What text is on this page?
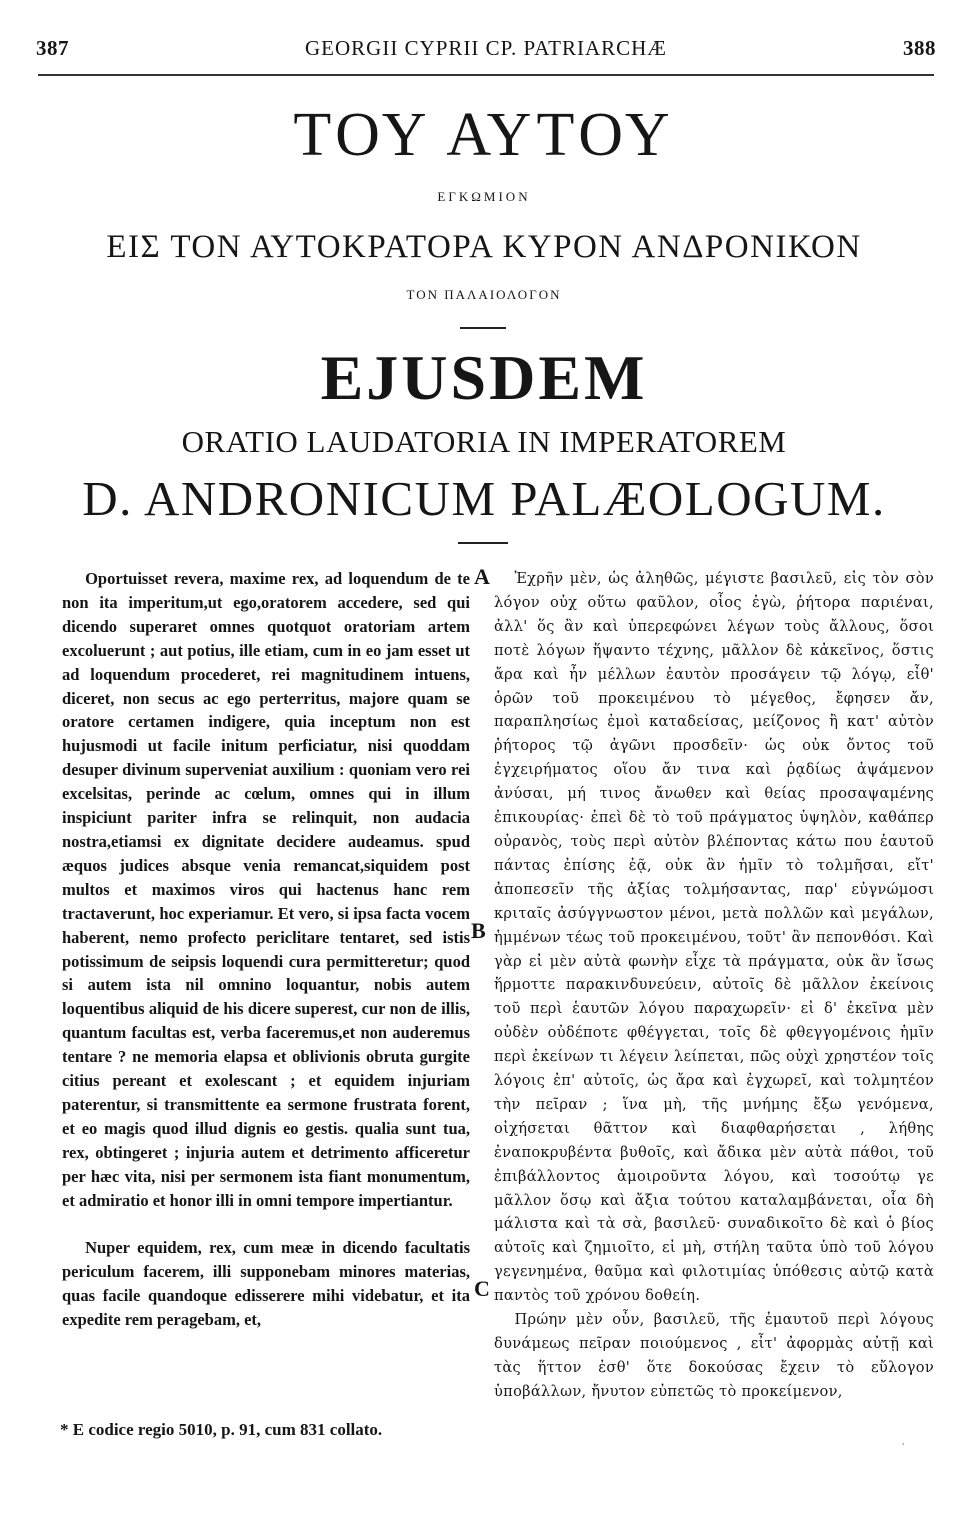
387	GEORGII CYPRII CP. PATRIARCHÆ	388
ΤΟΥ ΑΥΤΟΥ
ΕΓΚΩΜΙΟΝ
ΕΙΣ ΤΟΝ ΑΥΤΟΚΡΑΤΟΡΑ ΚΥΡΟΝ ΑΝΔΡΟΝΙΚΟΝ
ΤΟΝ ΠΑΛΑΙΟΛΟΓΟΝ
EJUSDEM
ORATIO LAUDATORIA IN IMPERATOREM
D. ANDRONICUM PALÆOLOGUM.

Oportuisset revera, maxime rex, ad loquendum de te non ita imperitum,ut ego,oratorem accedere, sed qui dicendo superaret omnes quotquot oratoriam artem excoluerunt ; aut potius, ille etiam, cum in eo jam esset ut ad loquendum procederet, rei magnitudinem intuens, diceret, non secus ac ego perterritus, majore quam se oratore certamen indigere, quia inceptum non est hujusmodi ut facile initum perficiatur, nisi quoddam desuper divinum superveniat auxilium : quoniam vero rei excelsitas, perinde ac cœlum, omnes qui in illum inspiciunt pariter infra se relinquit, non audacia nostra,etiamsi ex dignitate decidere audeamus. spud æquos judices absque venia remancat,siquidem post multos et maximos viros qui hactenus hanc rem tractaverunt, hoc experiamur. Et vero, si ipsa facta vocem haberent, nemo profecto periclitare tentaret, sed istis potissimum de seipsis loquendi cura permitteretur; quod si autem ista nil omnino loquantur, nobis autem loquentibus aliquid de his dicere superest, cur non de illis, quantum facultas est, verba faceremus,et non auderemus tentare ? ne memoria elapsa et oblivionis obruta gurgite citius pereant et exolescant ; et equidem injuriam paterentur, si transmittente ea sermone frustrata forent, et eo magis quod illud dignis eo gestis. qualia sunt tua, rex, obtingeret ; injuria autem et detrimento afficeretur per hæc vita, nisi per sermonem ista fiant monumentum, et admiratio et honor illi in omni tempore impertiantur.

Nuper equidem, rex, cum meæ in dicendo facultatis periculum facerem, illi supponebam minores materias, quas facile quandoque edisserere mihi videbatur, et ita expedite rem peragebam, et,

A
B
C

Ἐχρῆν μὲν, ὡς ἀληθῶς, μέγιστε βασιλεῦ, εἰς τὸν σὸν λόγον οὐχ οὕτω φαῦλον, οἷος ἐγὼ, ῥήτορα παριέναι, ἀλλ' ὅς ἂν καὶ ὑπερεφώνει λέγων τοὺς ἄλλους, ὅσοι ποτὲ λόγων ἥψαντο τέχνης, μᾶλλον δὲ κἀκεῖνος, ὅστις ἄρα καὶ ἦν μέλλων ἑαυτὸν προσάγειν τῷ λόγῳ, εἶθ' ὁρῶν τοῦ προκειμένου τὸ μέγεθος, ἔφησεν ἄν, παραπλησίως ἐμοὶ καταδείσας, μείζονος ἢ κατ' αὐτὸν ῥήτορος τῷ ἀγῶνι προσδεῖν· ὡς οὐκ ὄντος τοῦ ἐγχειρήματος οἵου ἄν τινα καὶ ῥᾳδίως ἀψάμενον ἀνύσαι, μή τινος ἄνωθεν καὶ θείας προσαψαμένης ἐπικουρίας· ἐπεὶ δὲ τὸ τοῦ πράγματος ὑψηλὸν, καθάπερ οὐρανὸς, τοὺς περὶ αὐτὸν βλέποντας κάτω που ἑαυτοῦ πάντας ἐπίσης ἐᾷ, οὐκ ἂν ἡμῖν τὸ τολμῆσαι, εἴτ' ἀποπεσεῖν τῆς ἀξίας τολμήσαντας, παρ' εὐγνώμοσι κριταῖς ἀσύγγνωστον μένοι, μετὰ πολλῶν καὶ μεγάλων, ἡμμένων τέως τοῦ προκειμένου, τοῦτ' ἂν πεπονθόσι. Καὶ γὰρ εἰ μὲν αὐτὰ φωνὴν εἶχε τὰ πράγματα, οὐκ ἂν ἴσως ἥρμοττε παρακινδυνεύειν, αὐτοῖς δὲ μᾶλλον ἐκείνοις τοῦ περὶ ἑαυτῶν λόγου παραχωρεῖν· εἰ δ' ἐκεῖνα μὲν οὐδὲν οὐδέποτε φθέγγεται, τοῖς δὲ φθεγγομένοις ἡμῖν περὶ ἐκείνων τι λέγειν λείπεται, πῶς οὐχὶ χρηστέον τοῖς λόγοις ἐπ' αὐτοῖς, ὡς ἄρα καὶ ἐγχωρεῖ, καὶ τολμητέον τὴν πεῖραν ; ἵνα μὴ, τῆς μνήμης ἔξω γενόμενα, οἰχήσεται θᾶττον καὶ διαφθαρήσεται , λήθης ἐναποκρυβέντα βυθοῖς, καὶ ἄδικα μὲν αὐτὰ πάθοι, τοῦ ἐπιβάλλοντος ἀμοιροῦντα λόγου, καὶ τοσούτῳ γε μᾶλλον ὅσῳ καὶ ἄξια τούτου καταλαμβάνεται, οἷα δὴ μάλιστα καὶ τὰ σὰ, βασιλεῦ· συναδικοῖτο δὲ καὶ ὁ βίος αὐτοῖς καὶ ζημιοῖτο, εἰ μὴ, στήλη ταῦτα ὑπὸ τοῦ λόγου γεγενημένα, θαῦμα καὶ φιλοτιμίας ὑπόθεσις αὐτῷ κατὰ παντὸς τοῦ χρόνου δοθείη.

Πρώην μὲν οὖν, βασιλεῦ, τῆς ἐμαυτοῦ περὶ λόγους δυνάμεως πεῖραν ποιούμενος , εἶτ' ἀφορμὰς αὐτῇ καὶ τὰς ἥττον ἐσθ' ὅτε δοκούσας ἔχειν τὸ εὔλογον ὑποβάλλων, ἤνυτον εὐπετῶς τὸ προκείμενον,

* E codice regio 5010, p. 91, cum 831 collato.
,
